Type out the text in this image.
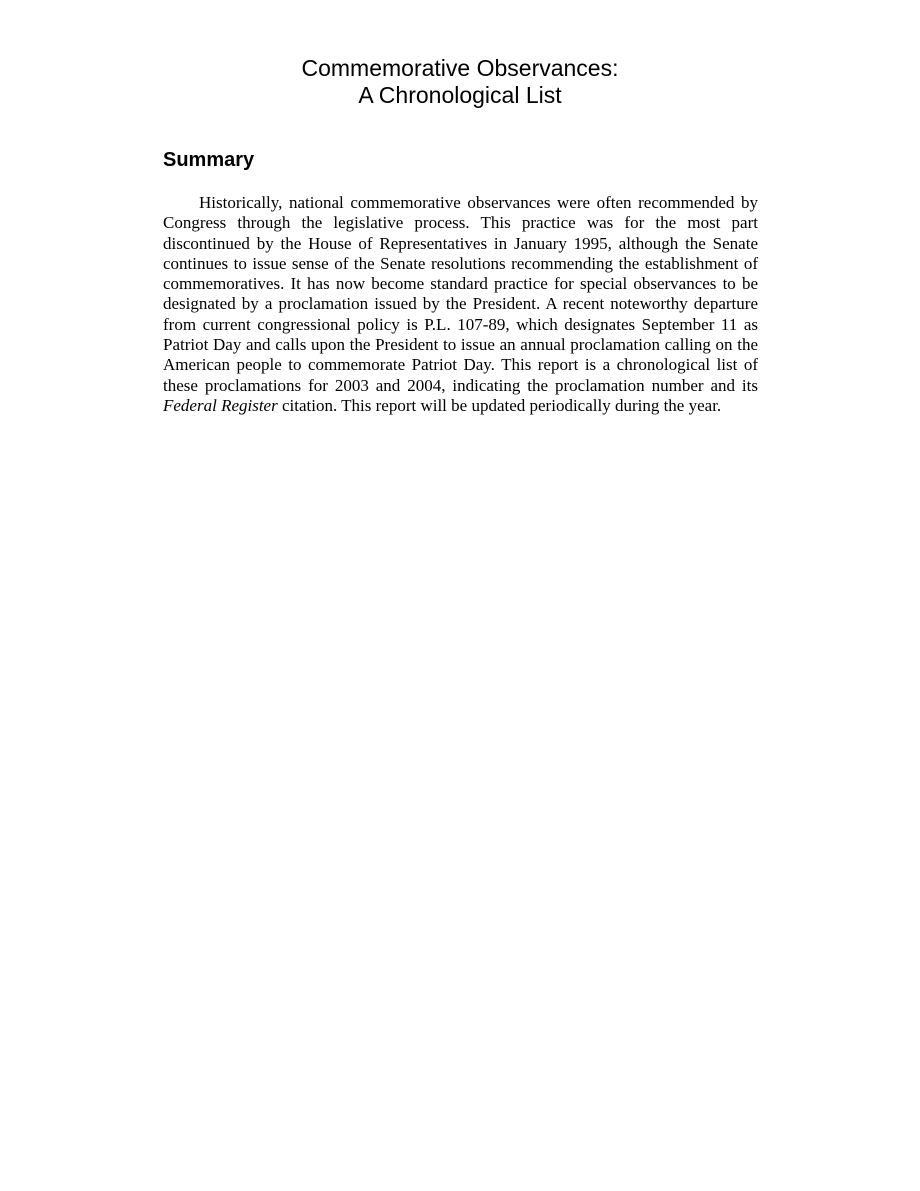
Commemorative Observances:
A Chronological List
Summary

Historically, national commemorative observances were often recommended by Congress through the legislative process. This practice was for the most part discontinued by the House of Representatives in January 1995, although the Senate continues to issue sense of the Senate resolutions recommending the establishment of commemoratives. It has now become standard practice for special observances to be designated by a proclamation issued by the President. A recent noteworthy departure from current congressional policy is P.L. 107-89, which designates September 11 as Patriot Day and calls upon the President to issue an annual proclamation calling on the American people to commemorate Patriot Day. This report is a chronological list of these proclamations for 2003 and 2004, indicating the proclamation number and its Federal Register citation. This report will be updated periodically during the year.
